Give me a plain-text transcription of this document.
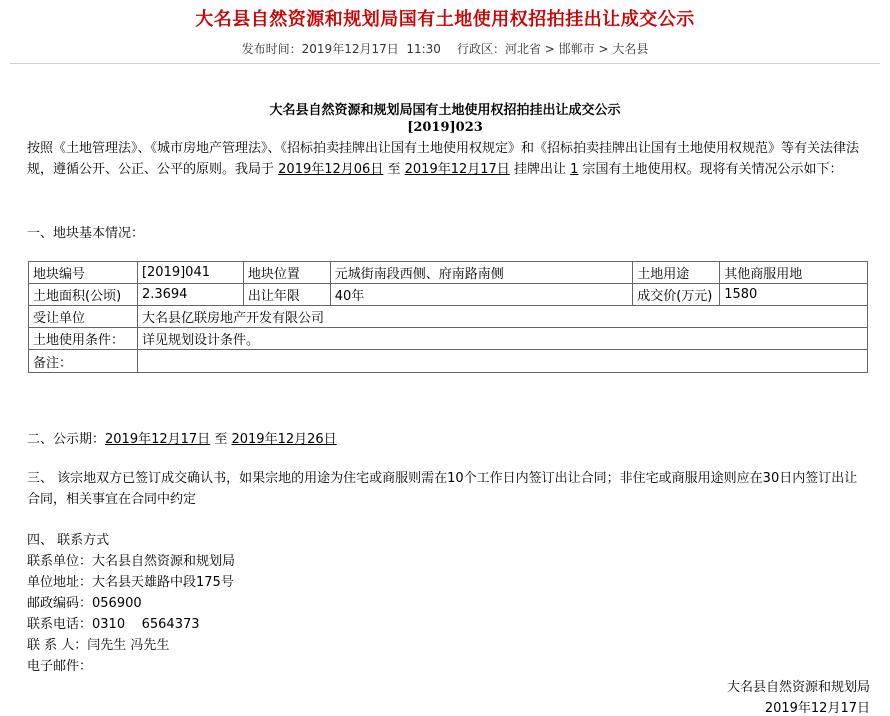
大名县自然资源和规划局国有土地使用权招拍挂出让成交公示
发布时间：2019年12月17日  11:30 行政区：河北省 > 邯郸市 > 大名县
大名县自然资源和规划局国有土地使用权招拍挂出让成交公示
[2019]023
按照《土地管理法》、《城市房地产管理法》、《招标拍卖挂牌出让国有土地使用权规定》和《招标拍卖挂牌出让国有土地使用权规范》等有关法律法规，遵循公开、公正、公平的原则。我局于 2019年12月06日 至 2019年12月17日 挂牌出让 1 宗国有土地使用权。现将有关情况公示如下：
一、地块基本情况：
地块编号	[2019]041	地块位置	元城街南段西侧、府南路南侧	土地用途	其他商服用地
土地面积(公顷)	2.3694	出让年限	40年	成交价(万元)	1580
受让单位	大名县亿联房地产开发有限公司				
土地使用条件：	详见规划设计条件。				
备注：					
二、公示期：2019年12月17日 至 2019年12月26日
三、 该宗地双方已签订成交确认书，如果宗地的用途为住宅或商服则需在10个工作日内签订出让合同；非住宅或商服用途则应在30日内签订出让合同，相关事宜在合同中约定
四、 联系方式
联系单位：大名县自然资源和规划局
单位地址：大名县天雄路中段175号
邮政编码：056900
联系电话：0310    6564373
联 系 人：闫先生 冯先生
电子邮件：
大名县自然资源和规划局
2019年12月17日
